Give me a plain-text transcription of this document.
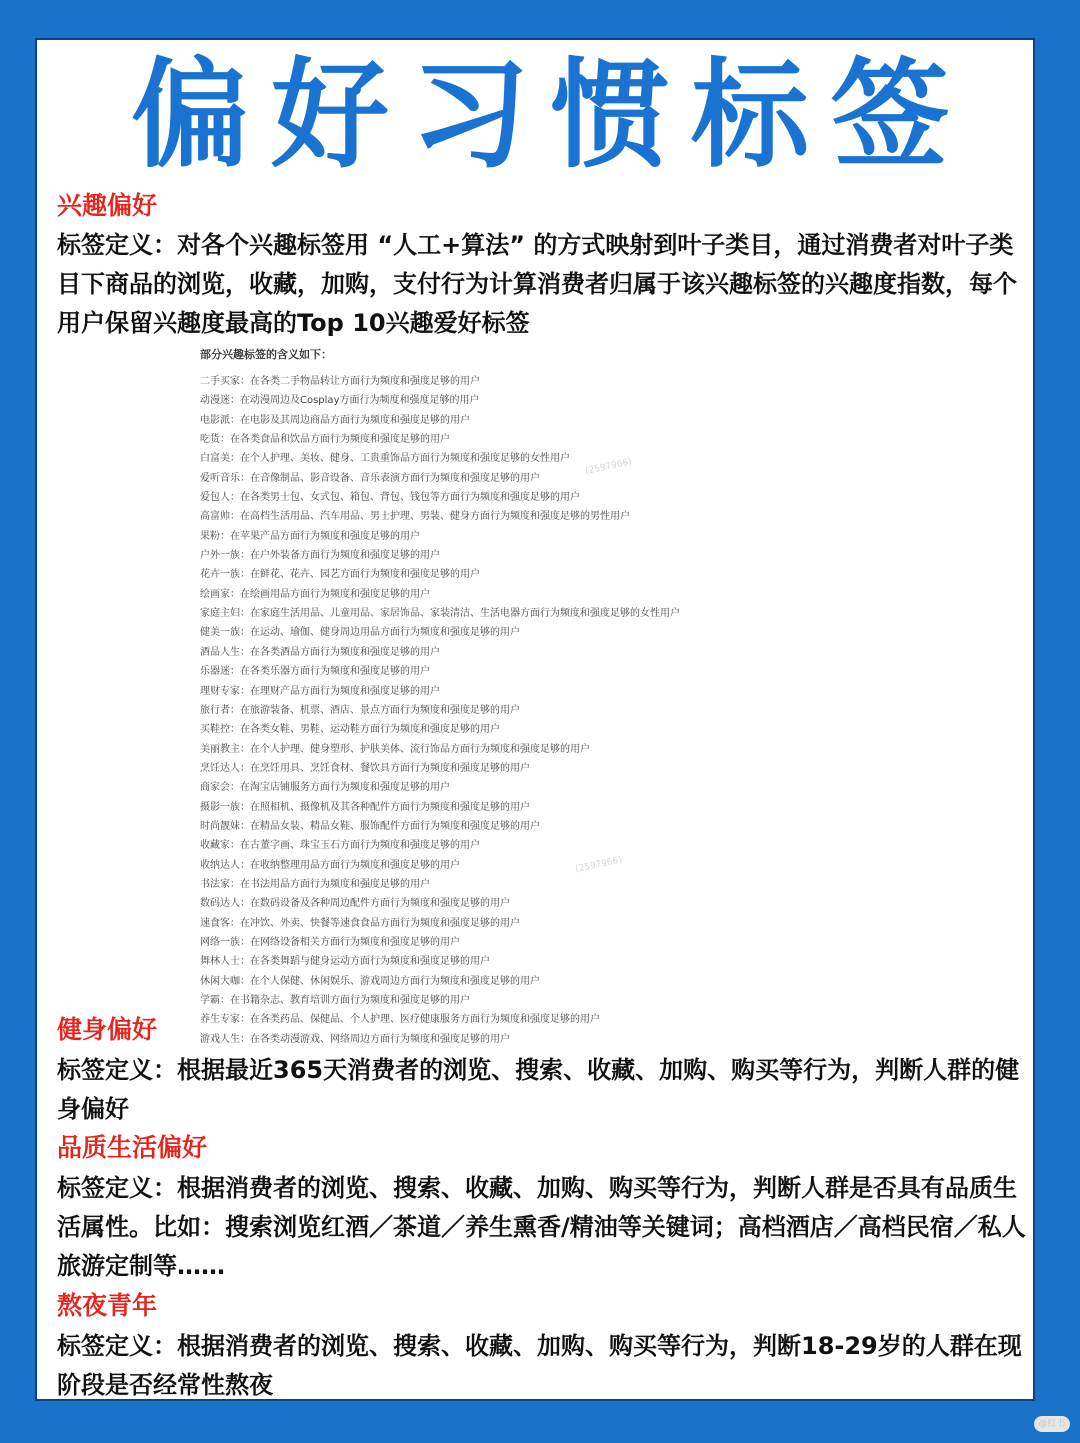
偏好习惯标签
兴趣偏好
标签定义：对各个兴趣标签用 “人工+算法” 的方式映射到叶子类目，通过消费者对叶子类目下商品的浏览，收藏，加购，支付行为计算消费者归属于该兴趣标签的兴趣度指数，每个用户保留兴趣度最高的Top 10兴趣爱好标签
部分兴趣标签的含义如下：
二手买家：在各类二手物品转让方面行为频度和强度足够的用户
动漫迷：在动漫周边及Cosplay方面行为频度和强度足够的用户
电影派：在电影及其周边商品方面行为频度和强度足够的用户
吃货：在各类食品和饮品方面行为频度和强度足够的用户
白富美：在个人护理、美妆、健身、工贵重饰品方面行为频度和强度足够的女性用户
爱听音乐：在音像制品、影音设备、音乐表演方面行为频度和强度足够的用户
爱包人：在各类男士包、女式包、箱包、背包、钱包等方面行为频度和强度足够的用户
高富帅：在高档生活用品、汽车用品、男士护理、男装、健身方面行为频度和强度足够的男性用户
果粉：在苹果产品方面行为频度和强度足够的用户
户外一族：在户外装备方面行为频度和强度足够的用户
花卉一族：在鲜花、花卉、园艺方面行为频度和强度足够的用户
绘画家：在绘画用品方面行为频度和强度足够的用户
家庭主妇：在家庭生活用品、儿童用品、家居饰品、家装清洁、生活电器方面行为频度和强度足够的女性用户
健美一族：在运动、瑜伽、健身周边用品方面行为频度和强度足够的用户
酒品人生：在各类酒品方面行为频度和强度足够的用户
乐器迷：在各类乐器方面行为频度和强度足够的用户
理财专家：在理财产品方面行为频度和强度足够的用户
旅行者：在旅游装备、机票、酒店、景点方面行为频度和强度足够的用户
买鞋控：在各类女鞋、男鞋、运动鞋方面行为频度和强度足够的用户
美丽教主：在个人护理、健身塑形、护肤美体、流行饰品方面行为频度和强度足够的用户
烹饪达人：在烹饪用具、烹饪食材、餐饮具方面行为频度和强度足够的用户
商家会：在淘宝店铺服务方面行为频度和强度足够的用户
摄影一族：在照相机、摄像机及其各种配件方面行为频度和强度足够的用户
时尚靓妹：在精品女装、精品女鞋、服饰配件方面行为频度和强度足够的用户
收藏家：在古董字画、珠宝玉石方面行为频度和强度足够的用户
收纳达人：在收纳整理用品方面行为频度和强度足够的用户
书法家：在书法用品方面行为频度和强度足够的用户
数码达人：在数码设备及各种周边配件方面行为频度和强度足够的用户
速食客：在冲饮、外卖、快餐等速食食品方面行为频度和强度足够的用户
网络一族：在网络设备相关方面行为频度和强度足够的用户
舞林人士：在各类舞蹈与健身运动方面行为频度和强度足够的用户
休闲大咖：在个人保健、休闲娱乐、游戏周边方面行为频度和强度足够的用户
学霸：在书籍杂志、教育培训方面行为频度和强度足够的用户
养生专家：在各类药品、保健品、个人护理、医疗健康服务方面行为频度和强度足够的用户
游戏人生：在各类动漫游戏、网络周边方面行为频度和强度足够的用户
(2597966)
(2597966)
健身偏好
标签定义：根据最近365天消费者的浏览、搜索、收藏、加购、购买等行为，判断人群的健身偏好
品质生活偏好
标签定义：根据消费者的浏览、搜索、收藏、加购、购买等行为，判断人群是否具有品质生活属性。比如：搜索浏览红酒／茶道／养生熏香/精油等关键词；高档酒店／高档民宿／私人旅游定制等……
熬夜青年
标签定义：根据消费者的浏览、搜索、收藏、加购、购买等行为，判断18-29岁的人群在现阶段是否经常性熬夜
@红书
